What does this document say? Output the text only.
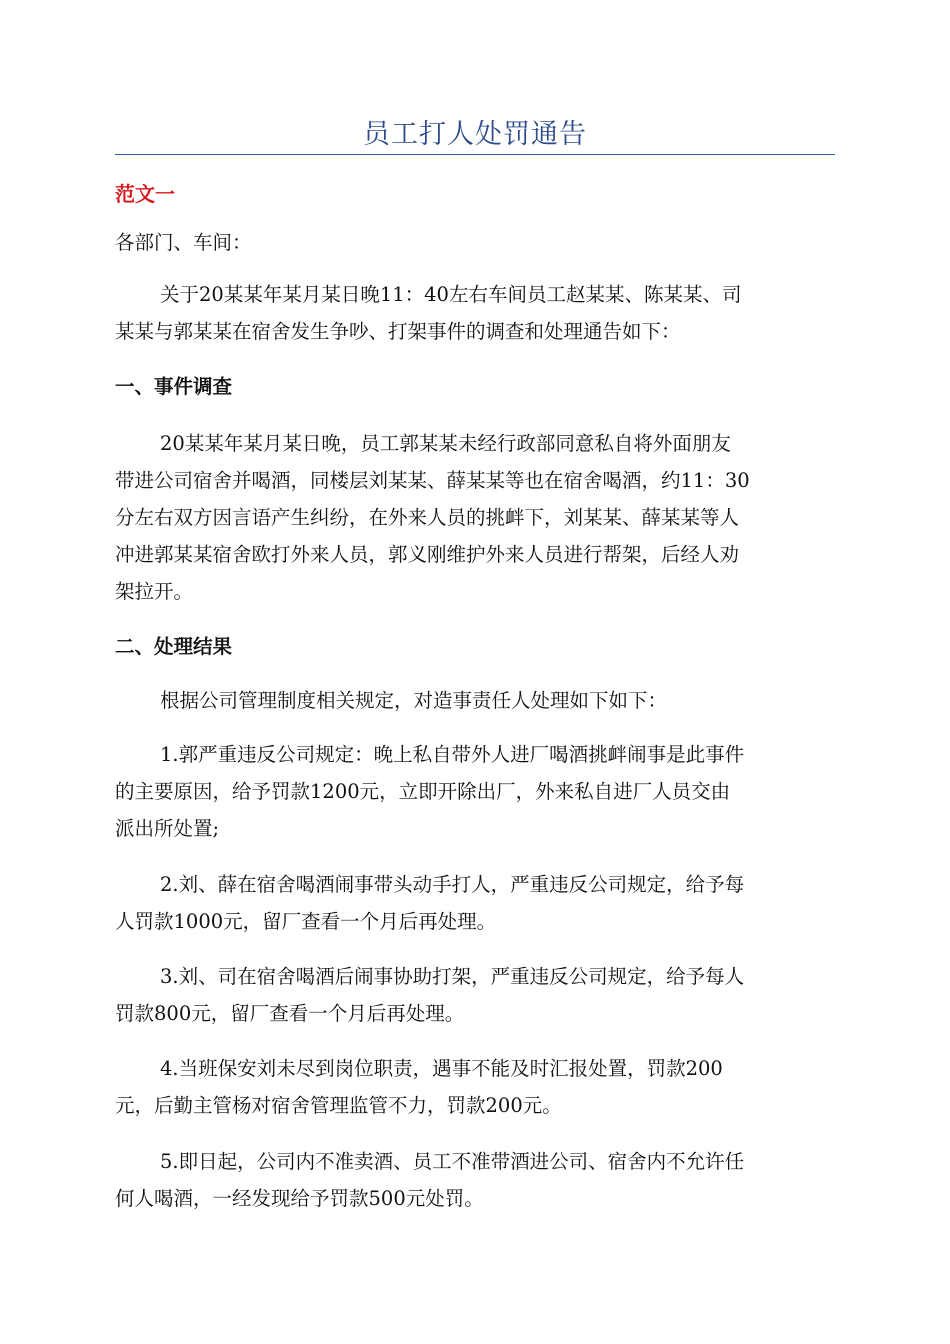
员工打人处罚通告
范文一
各部门、车间：
关于20某某年某月某日晚11：40左右车间员工赵某某、陈某某、司
某某与郭某某在宿舍发生争吵、打架事件的调查和处理通告如下：
一、事件调查
20某某年某月某日晚，员工郭某某未经行政部同意私自将外面朋友
带进公司宿舍并喝酒，同楼层刘某某、薛某某等也在宿舍喝酒，约11：30
分左右双方因言语产生纠纷，在外来人员的挑衅下，刘某某、薛某某等人
冲进郭某某宿舍欧打外来人员，郭义刚维护外来人员进行帮架，后经人劝
架拉开。
二、处理结果
根据公司管理制度相关规定，对造事责任人处理如下如下：
1.郭严重违反公司规定：晚上私自带外人进厂喝酒挑衅闹事是此事件
的主要原因，给予罚款1200元，立即开除出厂，外来私自进厂人员交由
派出所处置;
2.刘、薛在宿舍喝酒闹事带头动手打人，严重违反公司规定，给予每
人罚款1000元，留厂查看一个月后再处理。
3.刘、司在宿舍喝酒后闹事协助打架，严重违反公司规定，给予每人
罚款800元，留厂查看一个月后再处理。
4.当班保安刘未尽到岗位职责，遇事不能及时汇报处置，罚款200
元，后勤主管杨对宿舍管理监管不力，罚款200元。
5.即日起，公司内不准卖酒、员工不准带酒进公司、宿舍内不允许任
何人喝酒，一经发现给予罚款500元处罚。
